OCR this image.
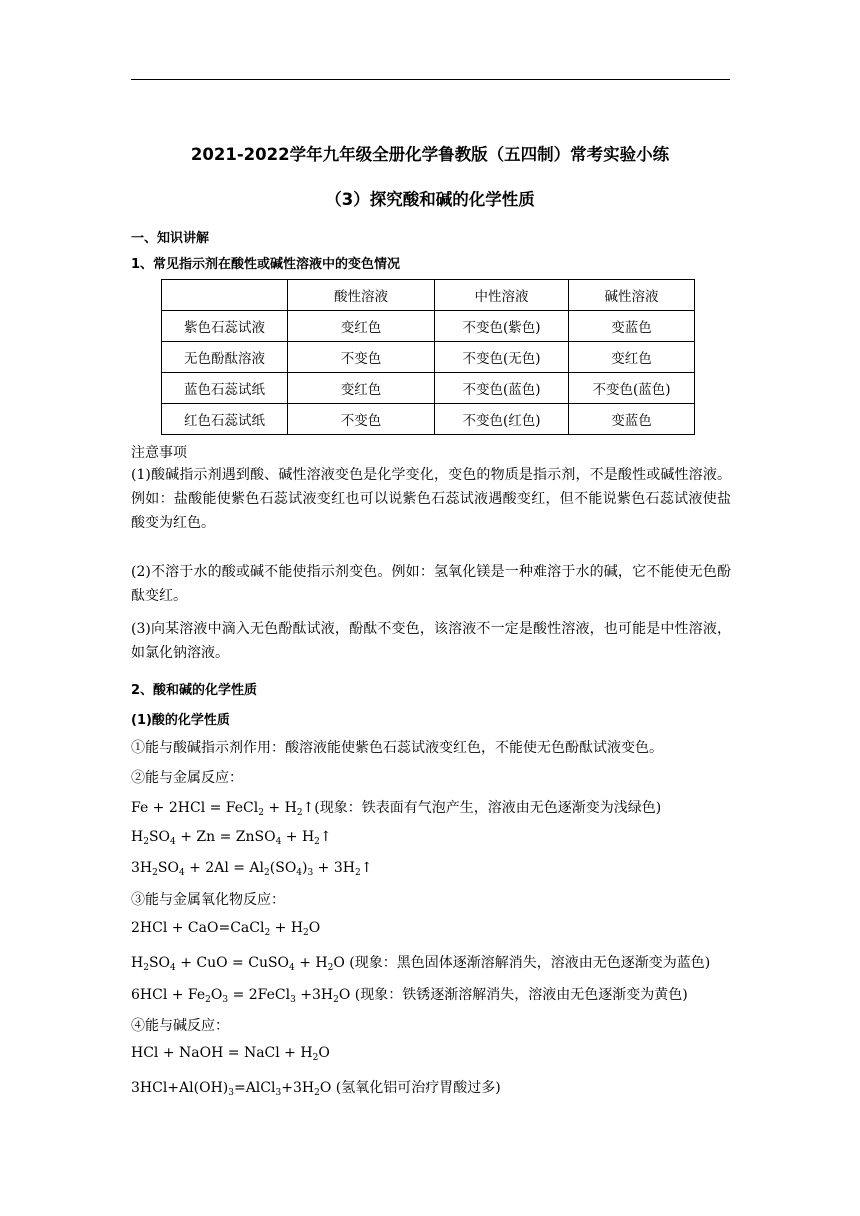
2021-2022学年九年级全册化学鲁教版（五四制）常考实验小练
（3）探究酸和碱的化学性质
一、知识讲解
1、常见指示剂在酸性或碱性溶液中的变色情况
	酸性溶液	中性溶液	碱性溶液
紫色石蕊试液	变红色	不变色(紫色)	变蓝色
无色酚酞溶液	不变色	不变色(无色)	变红色
蓝色石蕊试纸	变红色	不变色(蓝色)	不变色(蓝色)
红色石蕊试纸	不变色	不变色(红色)	变蓝色
注意事项
(1)酸碱指示剂遇到酸、碱性溶液变色是化学变化，变色的物质是指示剂，不是酸性或碱性溶液。例如：盐酸能使紫色石蕊试液变红也可以说紫色石蕊试液遇酸变红，但不能说紫色石蕊试液使盐酸变为红色。
(2)不溶于水的酸或碱不能使指示剂变色。例如：氢氧化镁是一种难溶于水的碱，它不能使无色酚酞变红。
(3)向某溶液中滴入无色酚酞试液，酚酞不变色，该溶液不一定是酸性溶液，也可能是中性溶液，如氯化钠溶液。
2、酸和碱的化学性质
(1)酸的化学性质
①能与酸碱指示剂作用：酸溶液能使紫色石蕊试液变红色，不能使无色酚酞试液变色。
②能与金属反应：
Fe + 2HCl = FeCl$_2$ + $H_2↑$(现象：铁表面有气泡产生，溶液由无色逐渐变为浅绿色)
$H_2SO_4 + Zn$ = ZnSO$_4$ + $H_2↑$
$3H_2SO_4 + 2Al = Al_2(SO_4)_3$ + $3H_2↑$
③能与金属氧化物反应：
2HCl + CaO=CaCl$_2$ + $H_2O$
$H_2SO_4$ + CuO = CuSO$_4$ + $H_2O$ (现象：黑色固体逐渐溶解消失，溶液由无色逐渐变为蓝色)
$6HCl + Fe_2O_3$ = 2FeCl$_3$ $+3H_2O$ (现象：铁锈逐渐溶解消失，溶液由无色逐渐变为黄色)
④能与碱反应：
HCl + NaOH = NaCl + $H_2O$
$3HCl+Al(OH)_3=AlCl_3+3H_2O$ (氢氧化铝可治疗胃酸过多)
